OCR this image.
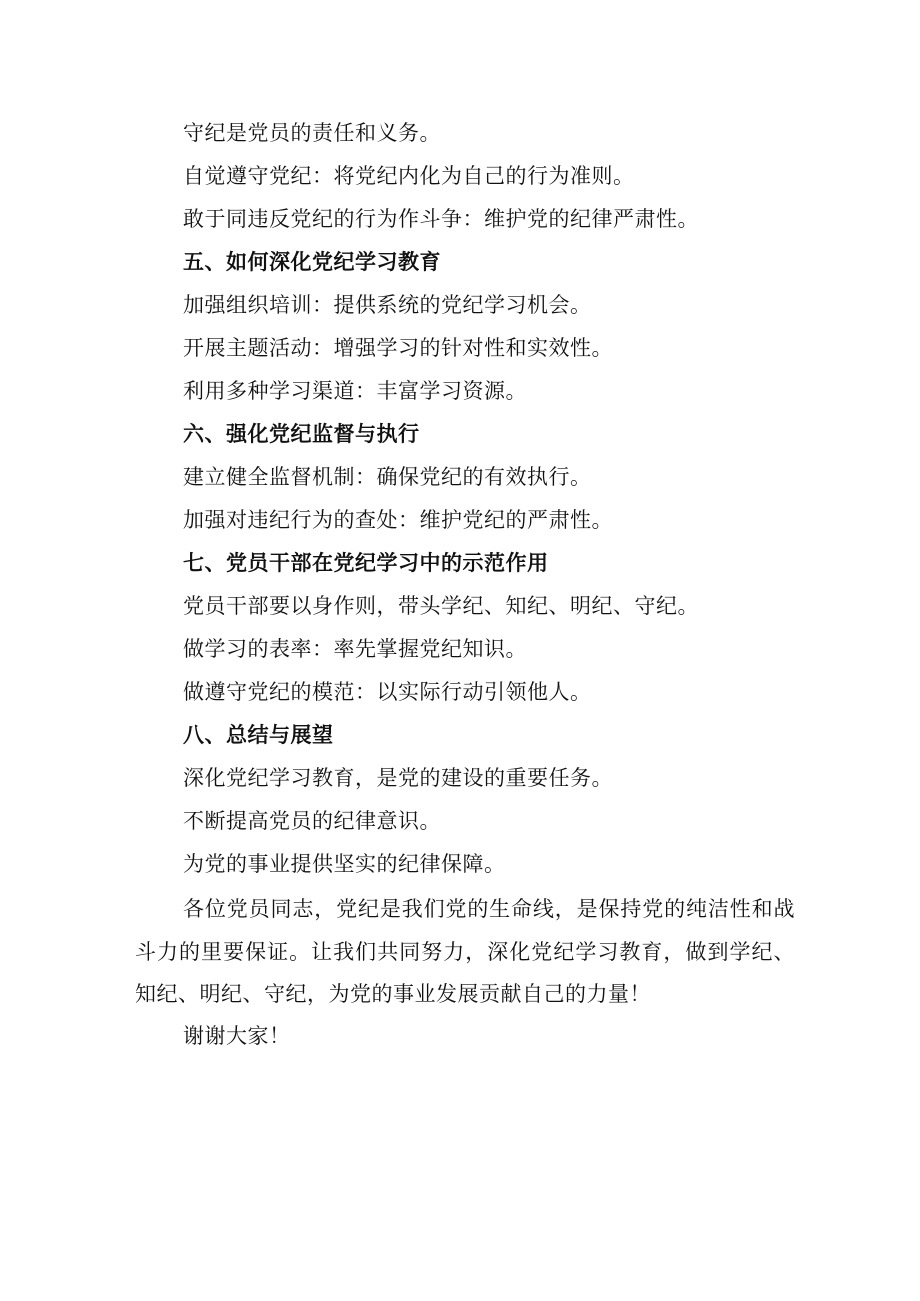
守纪是党员的责任和义务。
自觉遵守党纪：将党纪内化为自己的行为准则。
敢于同违反党纪的行为作斗争：维护党的纪律严肃性。
五、如何深化党纪学习教育
加强组织培训：提供系统的党纪学习机会。
开展主题活动：增强学习的针对性和实效性。
利用多种学习渠道：丰富学习资源。
六、强化党纪监督与执行
建立健全监督机制：确保党纪的有效执行。
加强对违纪行为的查处：维护党纪的严肃性。
七、党员干部在党纪学习中的示范作用
党员干部要以身作则，带头学纪、知纪、明纪、守纪。
做学习的表率：率先掌握党纪知识。
做遵守党纪的模范：以实际行动引领他人。
八、总结与展望
深化党纪学习教育，是党的建设的重要任务。
不断提高党员的纪律意识。
为党的事业提供坚实的纪律保障。
各位党员同志，党纪是我们党的生命线，是保持党的纯洁性和战斗力的里要保证。让我们共同努力，深化党纪学习教育，做到学纪、知纪、明纪、守纪，为党的事业发展贡献自己的力量！
谢谢大家！
